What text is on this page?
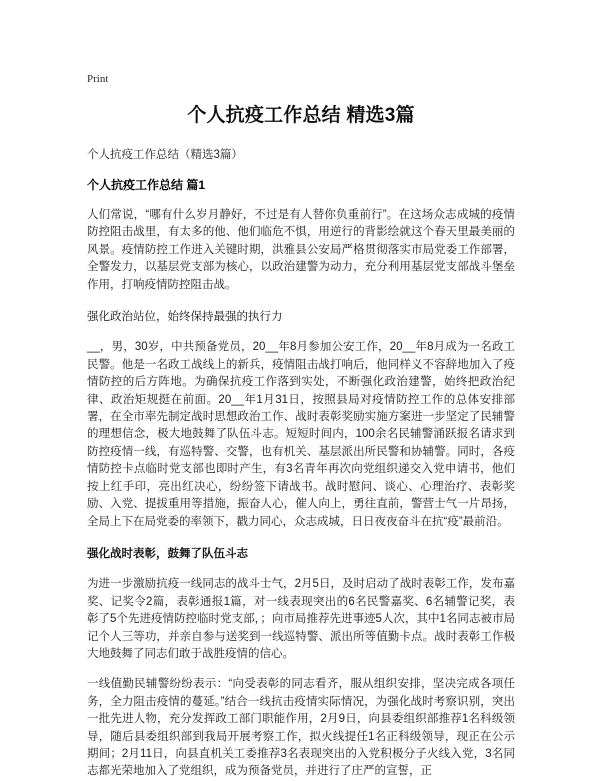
Print
个人抗疫工作总结 精选3篇
个人抗疫工作总结（精选3篇）
个人抗疫工作总结 篇1

人们常说，“哪有什么岁月静好，不过是有人替你负重前行”。在这场众志成城的疫情防控阻击战里，有太多的他、他们临危不惧，用逆行的背影绘就这个春天里最美丽的风景。疫情防控工作进入关键时期，洪雅县公安局严格贯彻落实市局党委工作部署，全警发力，以基层党支部为核心，以政治建警为动力，充分利用基层党支部战斗堡垒作用，打响疫情防控阻击战。

强化政治站位，始终保持最强的执行力

__，男，30岁，中共预备党员，20__年8月参加公安工作，20__年8月成为一名政工民警。他是一名政工战线上的新兵，疫情阻击战打响后，他同样义不容辞地加入了疫情防控的后方阵地。为确保抗疫工作落到实处，不断强化政治建警，始终把政治纪律、政治矩规挺在前面。20__年1月31日，按照县局对疫情防控工作的总体安排部署，在全市率先制定战时思想政治工作、战时表彰奖励实施方案进一步坚定了民辅警的理想信念，极大地鼓舞了队伍斗志。短短时间内，100余名民辅警涌跃报名请求到防控疫情一线，有巡特警、交警，也有机关、基层派出所民警和协辅警。同时，各疫情防控卡点临时党支部也即时产生，有3名青年再次向党组织递交入党申请书，他们按上红手印，亮出红决心，纷纷签下请战书。战时慰问、谈心、心理治疗、表彰奖励、入党、提拔重用等措施，振奋人心，催人向上，勇往直前，警营士气一片昂扬，全局上下在局党委的率领下，戳力同心，众志成城，日日夜夜奋斗在抗“疫”最前沿。

强化战时表彰，鼓舞了队伍斗志

为进一步激励抗疫一线同志的战斗士气，2月5日，及时启动了战时表彰工作，发布嘉奖、记奖令2篇，表彰通报1篇，对一线表现突出的6名民警嘉奖、6名辅警记奖，表彰了5个先进疫情防控临时党支部，；向市局推荐先进事迹5人次，其中1名同志被市局记个人三等功，并亲自参与送奖到一线巡特警、派出所等值勤卡点。战时表彰工作极大地鼓舞了同志们敢于战胜疫情的信心。

一线值勤民辅警纷纷表示：“向受表彰的同志看齐，服从组织安排，坚决完成各项任务，全力阻击疫情的蔓延。”结合一线抗击疫情实际情况，为强化战时考察识别，突出一批先进人物，充分发挥政工部门职能作用，2月9日，向县委组织部推荐1名科级领导，随后县委组织部到我局开展考察工作，拟火线提任1名正科级领导，现正在公示期间；2月11日，向县直机关工委推荐3名表现突出的入党积极分子火线入党，3名同志都光荣地加入了党组织，成为预备党员，并进行了庄严的宣誓，正
